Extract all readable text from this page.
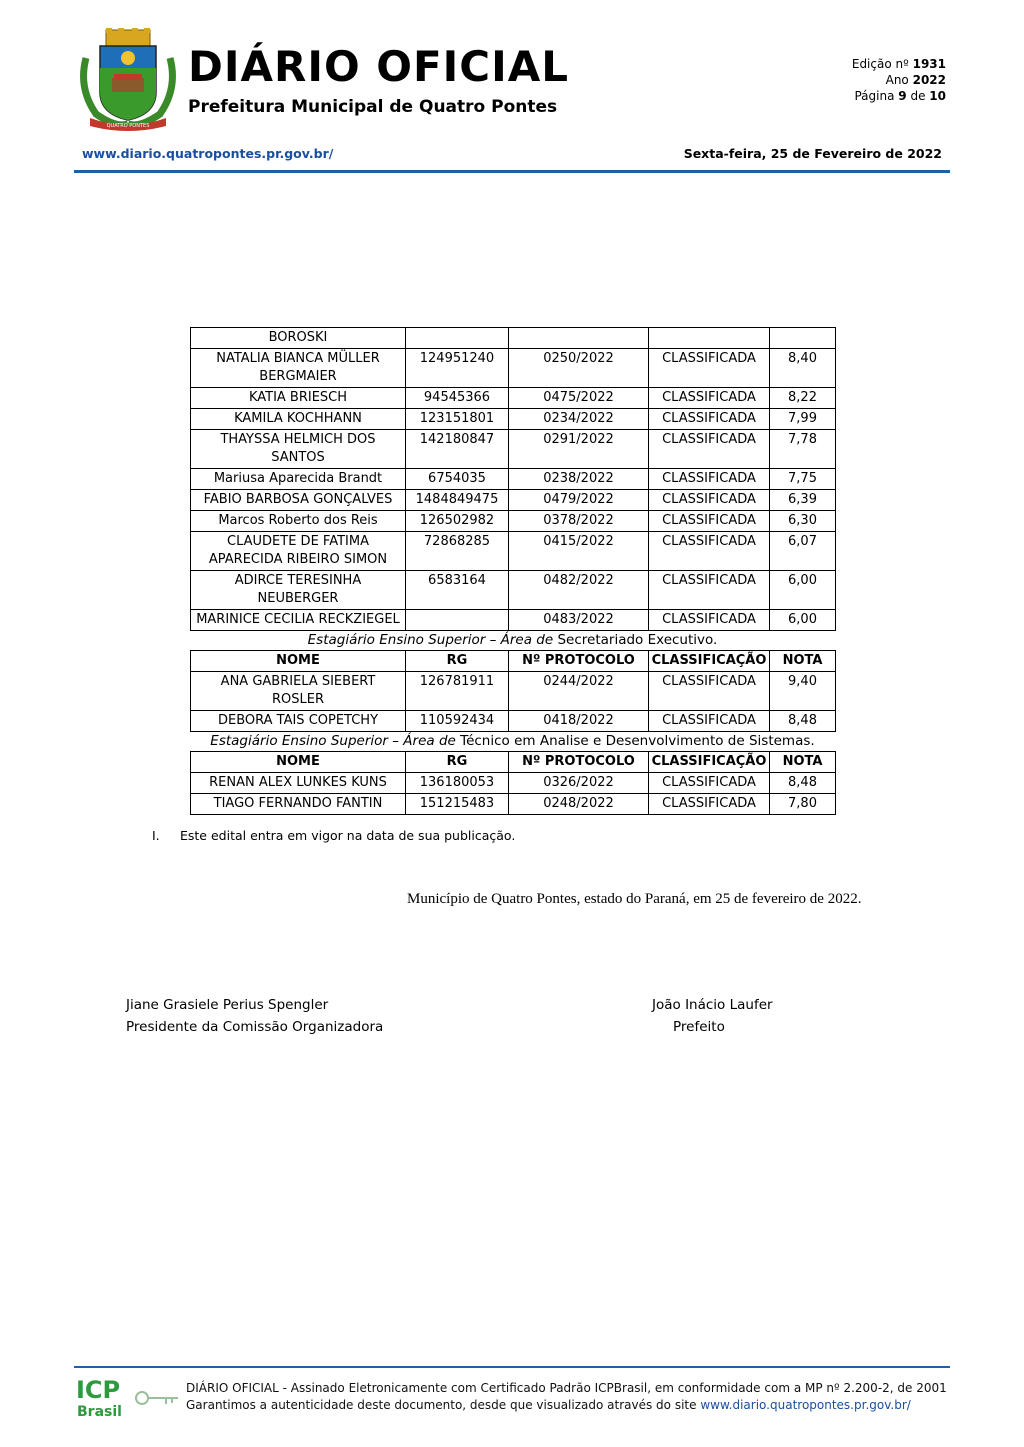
QUATRO PONTES
DIÁRIO OFICIAL
Prefeitura Municipal de Quatro Pontes
Edição nº 1931
Ano 2022
Página 9 de 10
www.diario.quatropontes.pr.gov.br/	Sexta-feira, 25 de Fevereiro de 2022
BOROSKI				
NATALIA BIANCA MÜLLER BERGMAIER	124951240	0250/2022	CLASSIFICADA	8,40
KATIA BRIESCH	94545366	0475/2022	CLASSIFICADA	8,22
KAMILA KOCHHANN	123151801	0234/2022	CLASSIFICADA	7,99
THAYSSA HELMICH DOS SANTOS	142180847	0291/2022	CLASSIFICADA	7,78
Mariusa Aparecida Brandt	6754035	0238/2022	CLASSIFICADA	7,75
FABIO BARBOSA GONÇALVES	1484849475	0479/2022	CLASSIFICADA	6,39
Marcos Roberto dos Reis	126502982	0378/2022	CLASSIFICADA	6,30
CLAUDETE DE FATIMA APARECIDA RIBEIRO SIMON	72868285	0415/2022	CLASSIFICADA	6,07
ADIRCE TERESINHA NEUBERGER	6583164	0482/2022	CLASSIFICADA	6,00
MARINICE CECILIA RECKZIEGEL		0483/2022	CLASSIFICADA	6,00
Estagiário Ensino Superior – Área de Secretariado Executivo.
NOME	RG	Nº PROTOCOLO	CLASSIFICAÇÃO	NOTA
ANA GABRIELA SIEBERT ROSLER	126781911	0244/2022	CLASSIFICADA	9,40
DEBORA TAIS COPETCHY	110592434	0418/2022	CLASSIFICADA	8,48
Estagiário Ensino Superior – Área de Técnico em Analise e Desenvolvimento de Sistemas.
NOME	RG	Nº PROTOCOLO	CLASSIFICAÇÃO	NOTA
RENAN ALEX LUNKES KUNS	136180053	0326/2022	CLASSIFICADA	8,48
TIAGO FERNANDO FANTIN	151215483	0248/2022	CLASSIFICADA	7,80
I. Este edital entra em vigor na data de sua publicação.
Município de Quatro Pontes, estado do Paraná, em 25 de fevereiro de 2022.
Jiane Grasiele Perius Spengler
Presidente da Comissão Organizadora
João Inácio Laufer
Prefeito
ICP
Brasil
DIÁRIO OFICIAL - Assinado Eletronicamente com Certificado Padrão ICPBrasil, em conformidade com a MP nº 2.200-2, de 2001
Garantimos a autenticidade deste documento, desde que visualizado através do site www.diario.quatropontes.pr.gov.br/
